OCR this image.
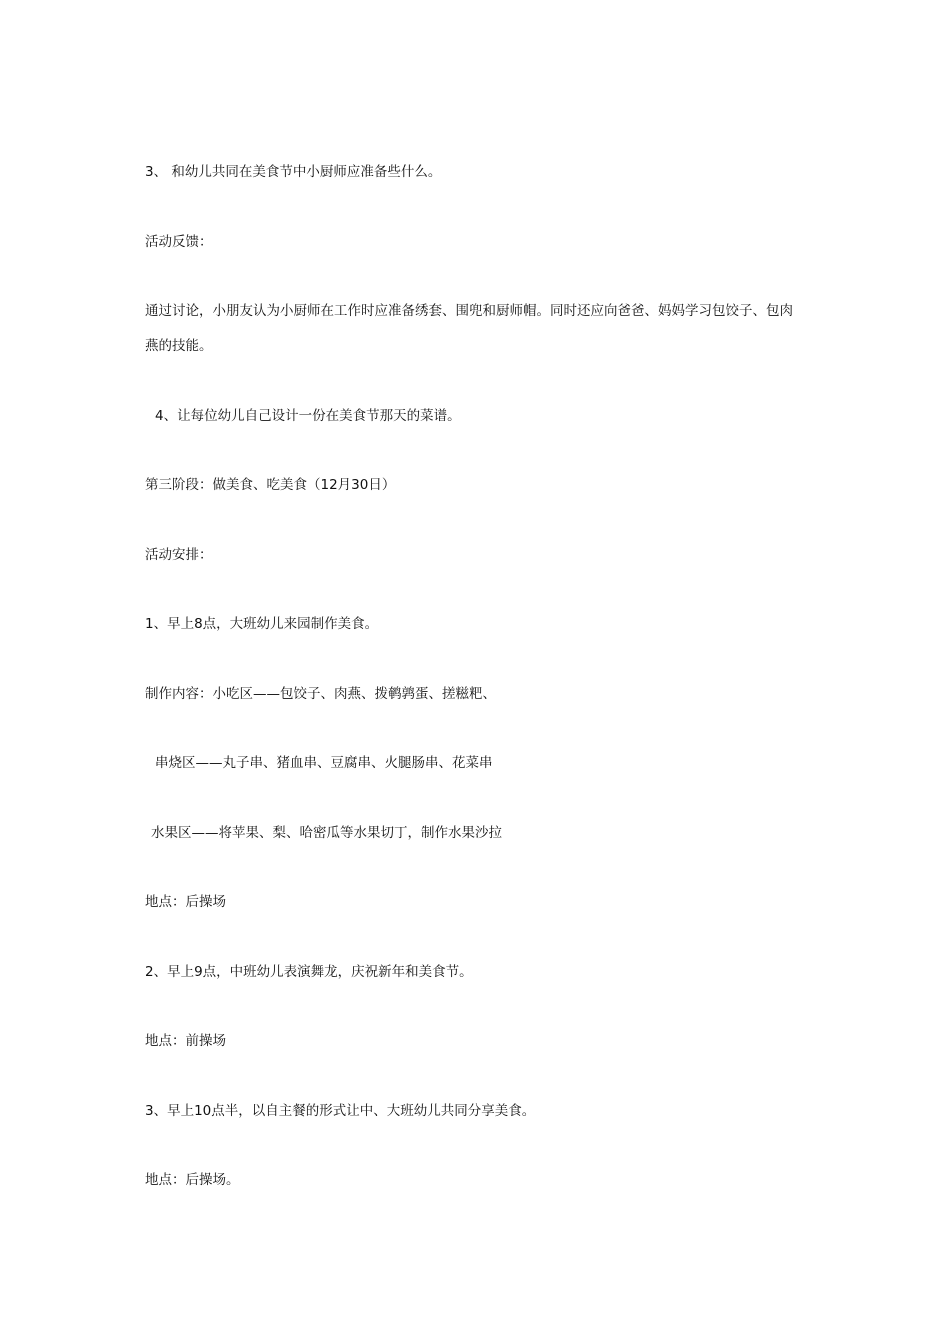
3、 和幼儿共同在美食节中小厨师应准备些什么。

活动反馈：

通过讨论，小朋友认为小厨师在工作时应准备绣套、围兜和厨师帽。同时还应向爸爸、妈妈学习包饺子、包肉

燕的技能。

4、让每位幼儿自己设计一份在美食节那天的菜谱。

第三阶段：做美食、吃美食（12月30日）

活动安排：

1、早上8点，大班幼儿来园制作美食。

制作内容：小吃区——包饺子、肉燕、拨鹌鹑蛋、搓糍粑、

串烧区——丸子串、猪血串、豆腐串、火腿肠串、花菜串

水果区——将苹果、梨、哈密瓜等水果切丁，制作水果沙拉

地点：后操场

2、早上9点，中班幼儿表演舞龙，庆祝新年和美食节。

地点：前操场

3、早上10点半，以自主餐的形式让中、大班幼儿共同分享美食。

地点：后操场。
